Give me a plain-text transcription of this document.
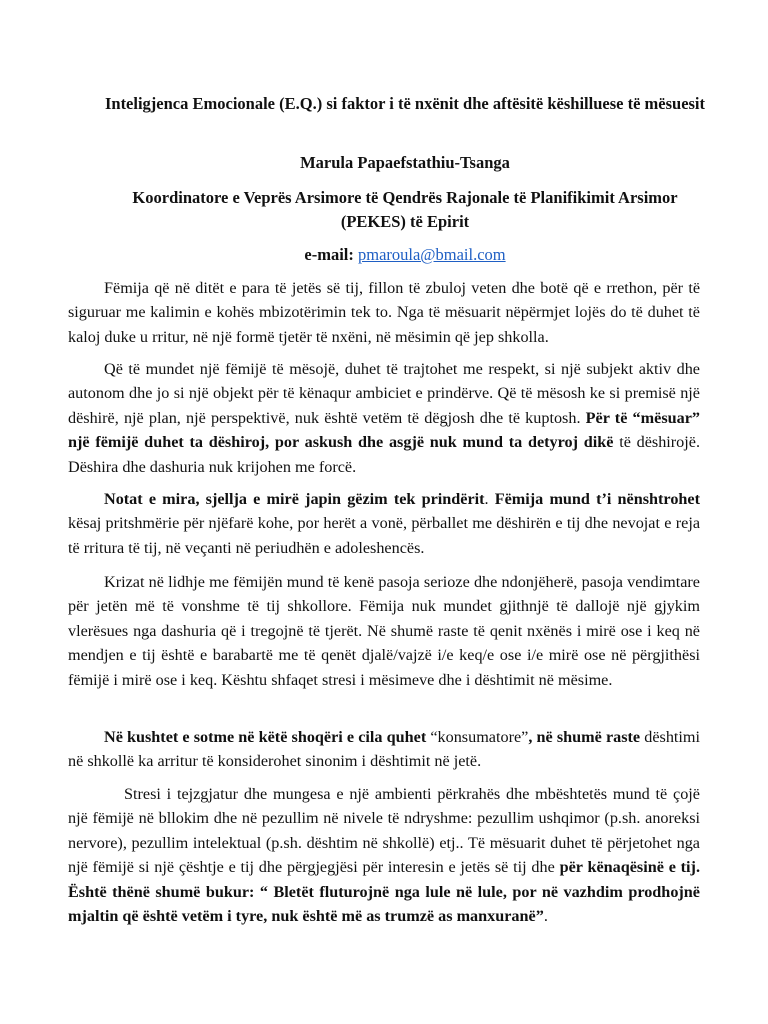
Inteligjenca Emocionale (E.Q.) si faktor i të nxënit dhe aftësitë këshilluese të mësuesit
Marula Papaefstathiu-Tsanga
Koordinatore e Veprës Arsimore të Qendrës Rajonale të Planifikimit Arsimor (PEKES) të Epirit
e-mail: pmaroula@bmail.com

Fëmija që në ditët e para të jetës së tij, fillon të zbuloj veten dhe botë që e rrethon, për të siguruar me kalimin e kohës mbizotërimin tek to. Nga të mësuarit nëpërmjet lojës do të duhet të kaloj duke u rritur, në një formë tjetër të nxëni, në mësimin që jep shkolla.

Që të mundet një fëmijë të mësojë, duhet të trajtohet me respekt, si një subjekt aktiv dhe autonom dhe jo si një objekt për të kënaqur ambiciet e prindërve. Që të mësosh ke si premisë një dëshirë, një plan, një perspektivë, nuk është vetëm të dëgjosh dhe të kuptosh. Për të “mësuar” një fëmijë duhet ta dëshiroj, por askush dhe asgjë nuk mund ta detyroj dikë të dëshirojë. Dëshira dhe dashuria nuk krijohen me forcë.

Notat e mira, sjellja e mirë japin gëzim tek prindërit. Fëmija mund t’i nënshtrohet kësaj pritshmërie për njëfarë kohe, por herët a vonë, përballet me dëshirën e tij dhe nevojat e reja të rritura të tij, në veçanti në periudhën e adoleshencës.

Krizat në lidhje me fëmijën mund të kenë pasoja serioze dhe ndonjëherë, pasoja vendimtare për jetën më të vonshme të tij shkollore. Fëmija nuk mundet gjithnjë të dallojë një gjykim vlerësues nga dashuria që i tregojnë të tjerët. Në shumë raste të qenit nxënës i mirë ose i keq në mendjen e tij është e barabartë me të qenët djalë/vajzë i/e keq/e ose i/e mirë ose në përgjithësi fëmijë i mirë ose i keq. Kështu shfaqet stresi i mësimeve dhe i dështimit në mësime.

Në kushtet e sotme në këtë shoqëri e cila quhet “konsumatore”, në shumë raste dështimi në shkollë ka arritur të konsiderohet sinonim i dështimit në jetë.

Stresi i tejzgjatur dhe mungesa e një ambienti përkrahës dhe mbështetës mund të çojë një fëmijë në bllokim dhe në pezullim në nivele të ndryshme: pezullim ushqimor (p.sh. anoreksi nervore), pezullim intelektual (p.sh. dështim në shkollë) etj.. Të mësuarit duhet të përjetohet nga një fëmijë si një çështje e tij dhe përgjegjësi për interesin e jetës së tij dhe për kënaqësinë e tij. Është thënë shumë bukur: “ Bletët fluturojnë nga lule në lule, por në vazhdim prodhojnë mjaltin që është vetëm i tyre, nuk është më as trumzë as manxuranë”.
